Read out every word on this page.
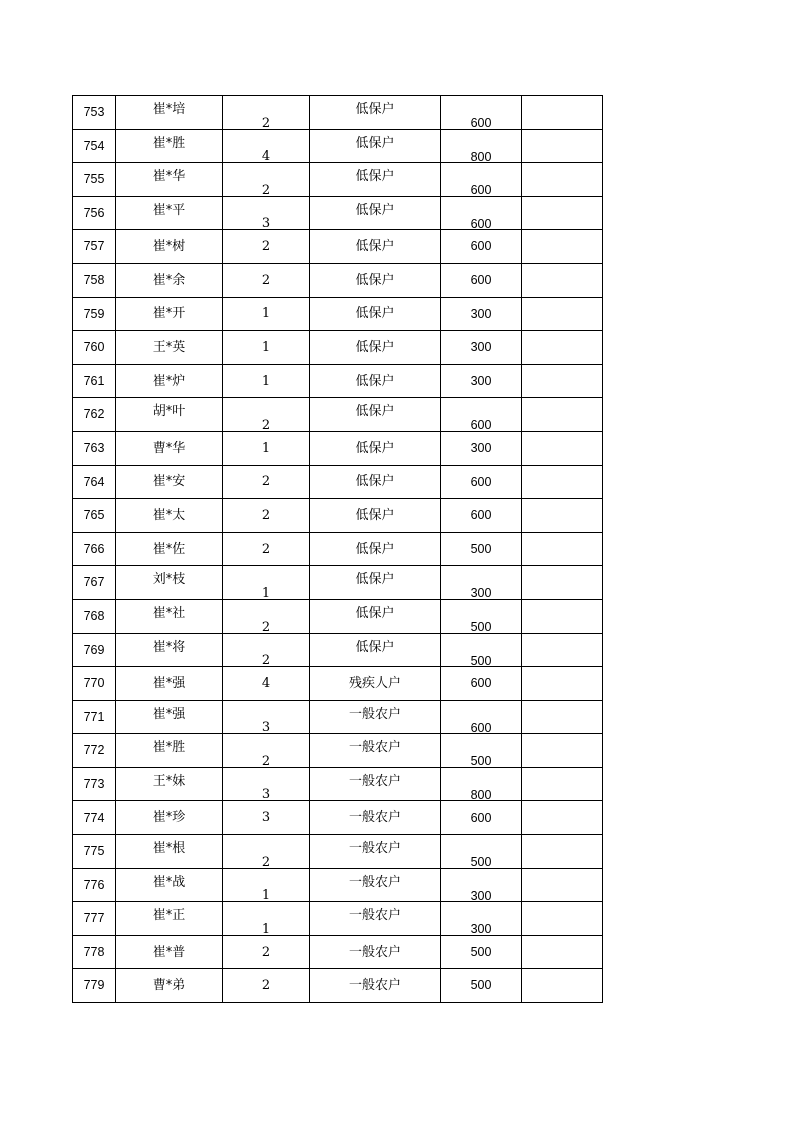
753	崔*培	2	低保户	600	
754	崔*胜	4	低保户	800	
755	崔*华	2	低保户	600	
756	崔*平	3	低保户	600	
757	崔*树	2	低保户	600	
758	崔*余	2	低保户	600	
759	崔*开	1	低保户	300	
760	王*英	1	低保户	300	
761	崔*炉	1	低保户	300	
762	胡*叶	2	低保户	600	
763	曹*华	1	低保户	300	
764	崔*安	2	低保户	600	
765	崔*太	2	低保户	600	
766	崔*佐	2	低保户	500	
767	刘*枝	1	低保户	300	
768	崔*社	2	低保户	500	
769	崔*将	2	低保户	500	
770	崔*强	4	残疾人户	600	
771	崔*强	3	一般农户	600	
772	崔*胜	2	一般农户	500	
773	王*妹	3	一般农户	800	
774	崔*珍	3	一般农户	600	
775	崔*根	2	一般农户	500	
776	崔*战	1	一般农户	300	
777	崔*正	1	一般农户	300	
778	崔*普	2	一般农户	500	
779	曹*弟	2	一般农户	500	
